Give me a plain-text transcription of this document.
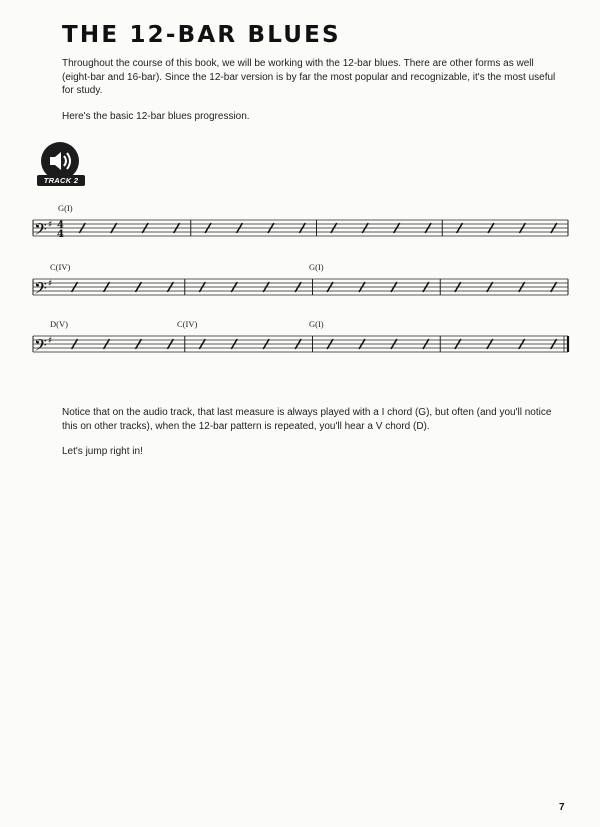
THE 12-BAR BLUES

Throughout the course of this book, we will be working with the 12-bar blues. There are other forms as well (eight-bar and 16-bar). Since the 12-bar version is by far the most popular and recognizable, it's the most useful for study.

Here's the basic 12-bar blues progression.

TRACK 2
𝄢 ♯ 4
4
G(I)
𝄢 ♯
C(IV)	G(I)
𝄢 ♯
D(V)	C(IV)	G(I)

Notice that on the audio track, that last measure is always played with a I chord (G), but often (and you'll notice this on other tracks), when the 12-bar pattern is repeated, you'll hear a V chord (D).

Let's jump right in!

7
